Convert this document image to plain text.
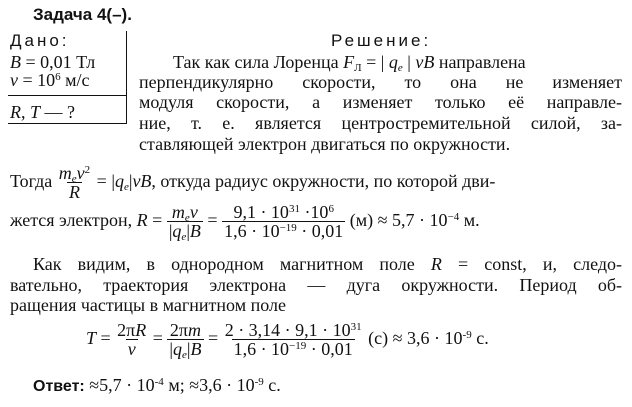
Задача 4(–).
Дано:
B = 0,01 Тл
$v = 10^6$ м/с
R, T — ?
Решение:
Так как сила Лоренца $F_Л$ = | $q_e$ | vB направлена
перпендикулярно скорости, то она не изменяет
модуля скорости, а изменяет только её направле-
ние, т. е. является центростремительной силой, за-
ставляющей электрон двигаться по окружности.
Тогда $\frac{m_ev^2}{R} = |q_e|vB$, откуда радиус окружности, по которой дви-
жется электрон, $R = \frac{m_ev}{|q_e|B} = \frac{9,1 \cdot 10^{31} \cdot 10^6}{1,6 \cdot 10^{-19} \cdot 0,01} (м) \approx 5,7 \cdot 10^{-4}$ м.
Как видим, в однородном магнитном поле R = const, и, следо-
вательно, траектория электрона — дуга окружности. Период об-
ращения частицы в магнитном поле
$T = \frac{2\pi R}{v} = \frac{2\pi m}{|q_e|B} = \frac{2 \cdot 3,14 \cdot 9,1 \cdot 10^{31}}{1,6 \cdot 10^{-19} \cdot 0,01} (с) \approx 3,6 \cdot 10^{-9}$ с.
Ответ: $\approx 5,7 \cdot 10^{-4}$ м; $\approx 3,6 \cdot 10^{-9}$ с.
